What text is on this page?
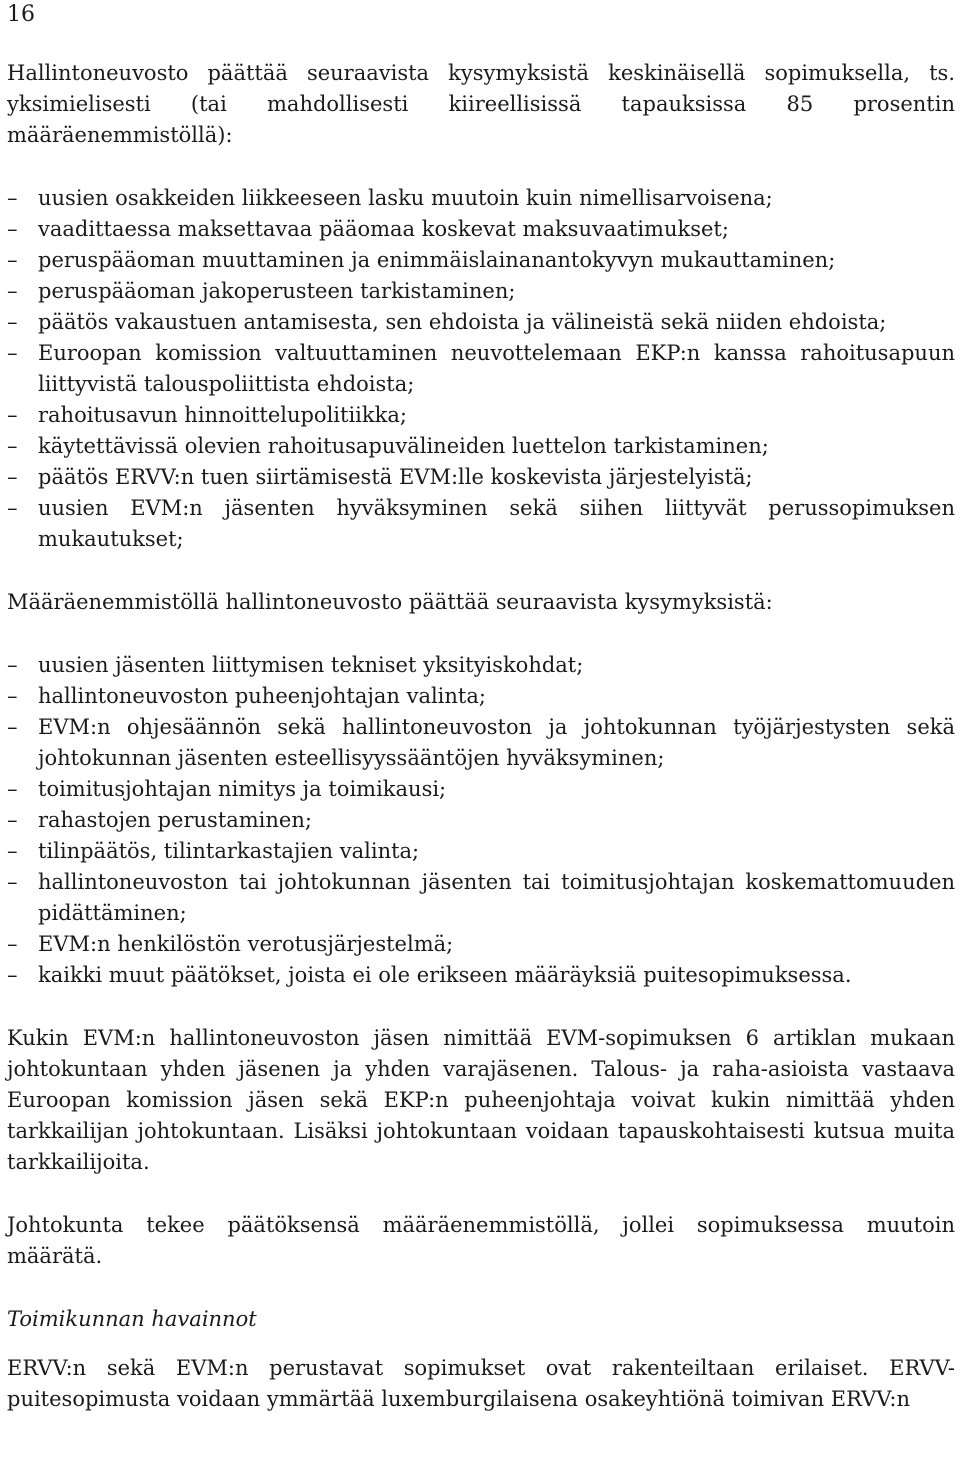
16

Hallintoneuvosto päättää seuraavista kysymyksistä keskinäisellä sopimuksella, ts. yksimielisesti (tai mahdollisesti kiireellisissä tapauksissa 85 prosentin määräenemmistöllä):

– uusien osakkeiden liikkeeseen lasku muutoin kuin nimellisarvoisena;
– vaadittaessa maksettavaa pääomaa koskevat maksuvaatimukset;
– peruspääoman muuttaminen ja enimmäislainanantokyvyn mukauttaminen;
– peruspääoman jakoperusteen tarkistaminen;
– päätös vakaustuen antamisesta, sen ehdoista ja välineistä sekä niiden ehdoista;
– Euroopan komission valtuuttaminen neuvottelemaan EKP:n kanssa rahoitusapuun liittyvistä talouspoliittista ehdoista;
– rahoitusavun hinnoittelupolitiikka;
– käytettävissä olevien rahoitusapuvälineiden luettelon tarkistaminen;
– päätös ERVV:n tuen siirtämisestä EVM:lle koskevista järjestelyistä;
– uusien EVM:n jäsenten hyväksyminen sekä siihen liittyvät perussopimuksen mukautukset;

Määräenemmistöllä hallintoneuvosto päättää seuraavista kysymyksistä:

– uusien jäsenten liittymisen tekniset yksityiskohdat;
– hallintoneuvoston puheenjohtajan valinta;
– EVM:n ohjesäännön sekä hallintoneuvoston ja johtokunnan työjärjestysten sekä johtokunnan jäsenten esteellisyyssääntöjen hyväksyminen;
– toimitusjohtajan nimitys ja toimikausi;
– rahastojen perustaminen;
– tilinpäätös, tilintarkastajien valinta;
– hallintoneuvoston tai johtokunnan jäsenten tai toimitusjohtajan koskemattomuuden pidättäminen;
– EVM:n henkilöstön verotusjärjestelmä;
– kaikki muut päätökset, joista ei ole erikseen määräyksiä puitesopimuksessa.

Kukin EVM:n hallintoneuvoston jäsen nimittää EVM-sopimuksen 6 artiklan mukaan johtokuntaan yhden jäsenen ja yhden varajäsenen. Talous- ja raha-asioista vastaava Euroopan komission jäsen sekä EKP:n puheenjohtaja voivat kukin nimittää yhden tarkkailijan johtokuntaan. Lisäksi johtokuntaan voidaan tapauskohtaisesti kutsua muita tarkkailijoita.

Johtokunta tekee päätöksensä määräenemmistöllä, jollei sopimuksessa muutoin määrätä.

Toimikunnan havainnot

ERVV:n sekä EVM:n perustavat sopimukset ovat rakenteiltaan erilaiset. ERVV-puitesopimusta voidaan ymmärtää luxemburgilaisena osakeyhtiönä toimivan ERVV:n
